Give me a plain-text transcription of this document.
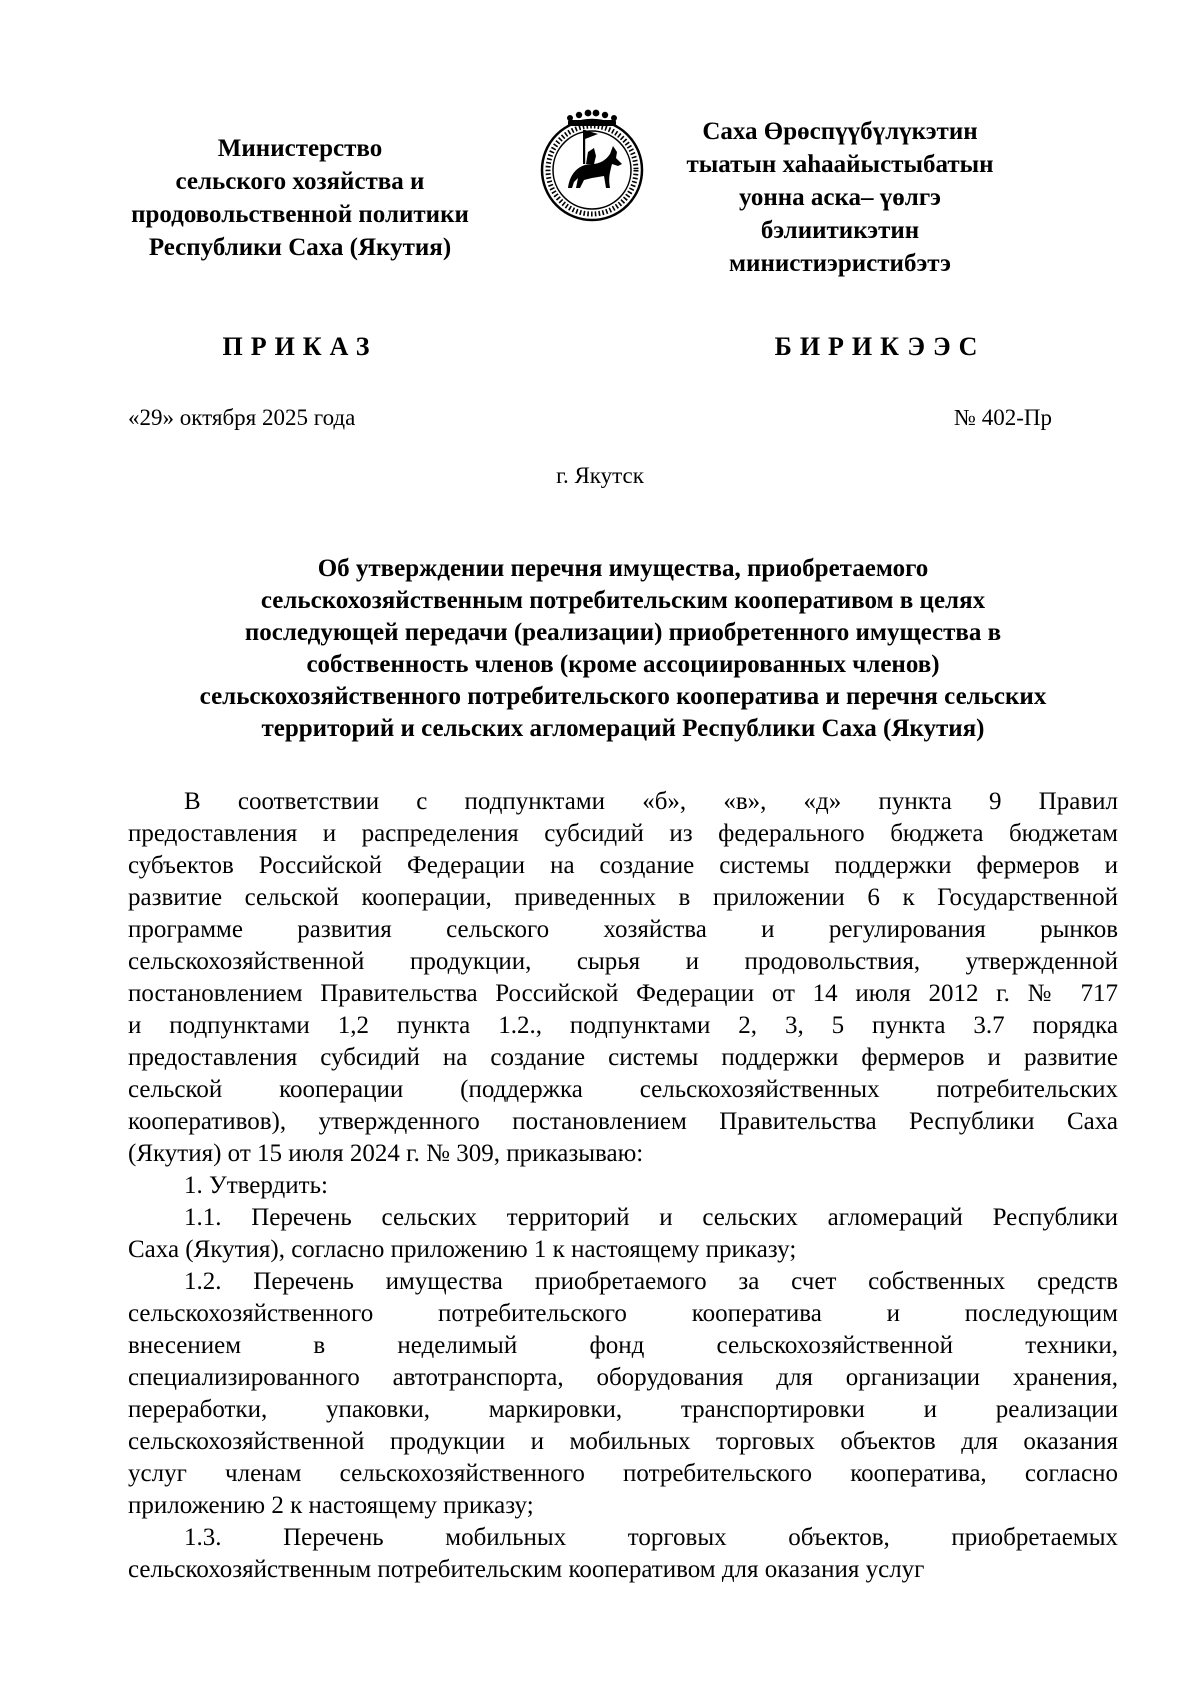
Министерство
сельского хозяйства и
продовольственной политики
Республики Саха (Якутия)
Саха Өрөспүүбүлүкэтин
тыатын хаһаайыстыбатын
уонна аска– үөлгэ
бэлиитикэтин
министиэристибэтэ
ПРИКАЗ	БИРИКЭЭС
«29» октября 2025 года	№ 402-Пр
г. Якутск
Об утверждении перечня имущества, приобретаемого
сельскохозяйственным потребительским кооперативом в целях
последующей передачи (реализации) приобретенного имущества в
собственность членов (кроме ассоциированных членов)
сельскохозяйственного потребительского кооператива и перечня сельских
территорий и сельских агломераций Республики Саха (Якутия)
В соответствии с подпунктами «б», «в», «д» пункта 9 Правил
предоставления и распределения субсидий из федерального бюджета бюджетам
субъектов Российской Федерации на создание системы поддержки фермеров и
развитие сельской кооперации, приведенных в приложении 6 к Государственной
программе развития сельского хозяйства и регулирования рынков
сельскохозяйственной продукции, сырья и продовольствия, утвержденной
постановлением Правительства Российской Федерации от 14 июля 2012 г. № 717
и подпунктами 1,2 пункта 1.2., подпунктами 2, 3, 5 пункта 3.7 порядка
предоставления субсидий на создание системы поддержки фермеров и развитие
сельской кооперации (поддержка сельскохозяйственных потребительских
кооперативов), утвержденного постановлением Правительства Республики Саха
(Якутия) от 15 июля 2024 г. № 309, приказываю:
1. Утвердить:
1.1. Перечень сельских территорий и сельских агломераций Республики
Саха (Якутия), согласно приложению 1 к настоящему приказу;
1.2. Перечень имущества приобретаемого за счет собственных средств
сельскохозяйственного потребительского кооператива и последующим
внесением в неделимый фонд сельскохозяйственной техники,
специализированного автотранспорта, оборудования для организации хранения,
переработки, упаковки, маркировки, транспортировки и реализации
сельскохозяйственной продукции и мобильных торговых объектов для оказания
услуг членам сельскохозяйственного потребительского кооператива, согласно
приложению 2 к настоящему приказу;
1.3. Перечень мобильных торговых объектов, приобретаемых
сельскохозяйственным потребительским кооперативом для оказания услуг
